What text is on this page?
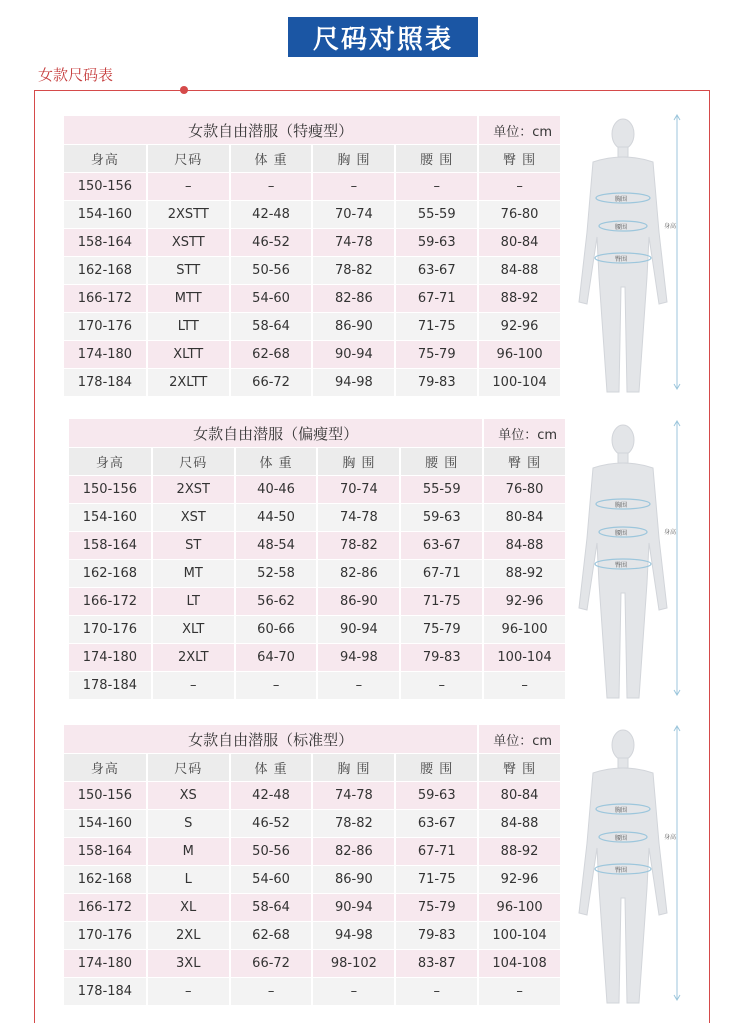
尺码对照表
女款尺码表
女款自由潜服（特瘦型）					单位：cm
身高	尺码	体 重	胸 围	腰 围	臀 围
150-156	–	–	–	–	–
154-160	2XSTT	42-48	70-74	55-59	76-80
158-164	XSTT	46-52	74-78	59-63	80-84
162-168	STT	50-56	78-82	63-67	84-88
166-172	MTT	54-60	82-86	67-71	88-92
170-176	LTT	58-64	86-90	71-75	92-96
174-180	XLTT	62-68	90-94	75-79	96-100
178-184	2XLTT	66-72	94-98	79-83	100-104
女款自由潜服（偏瘦型）					单位：cm
身高	尺码	体 重	胸 围	腰 围	臀 围
150-156	2XST	40-46	70-74	55-59	76-80
154-160	XST	44-50	74-78	59-63	80-84
158-164	ST	48-54	78-82	63-67	84-88
162-168	MT	52-58	82-86	67-71	88-92
166-172	LT	56-62	86-90	71-75	92-96
170-176	XLT	60-66	90-94	75-79	96-100
174-180	2XLT	64-70	94-98	79-83	100-104
178-184	–	–	–	–	–
女款自由潜服（标准型）					单位：cm
身高	尺码	体 重	胸 围	腰 围	臀 围
150-156	XS	42-48	74-78	59-63	80-84
154-160	S	46-52	78-82	63-67	84-88
158-164	M	50-56	82-86	67-71	88-92
162-168	L	54-60	86-90	71-75	92-96
166-172	XL	58-64	90-94	75-79	96-100
170-176	2XL	62-68	94-98	79-83	100-104
174-180	3XL	66-72	98-102	83-87	104-108
178-184	–	–	–	–	–
胸围
腰围
臀围
身高
胸围
腰围
臀围
身高
胸围
腰围
臀围
身高
